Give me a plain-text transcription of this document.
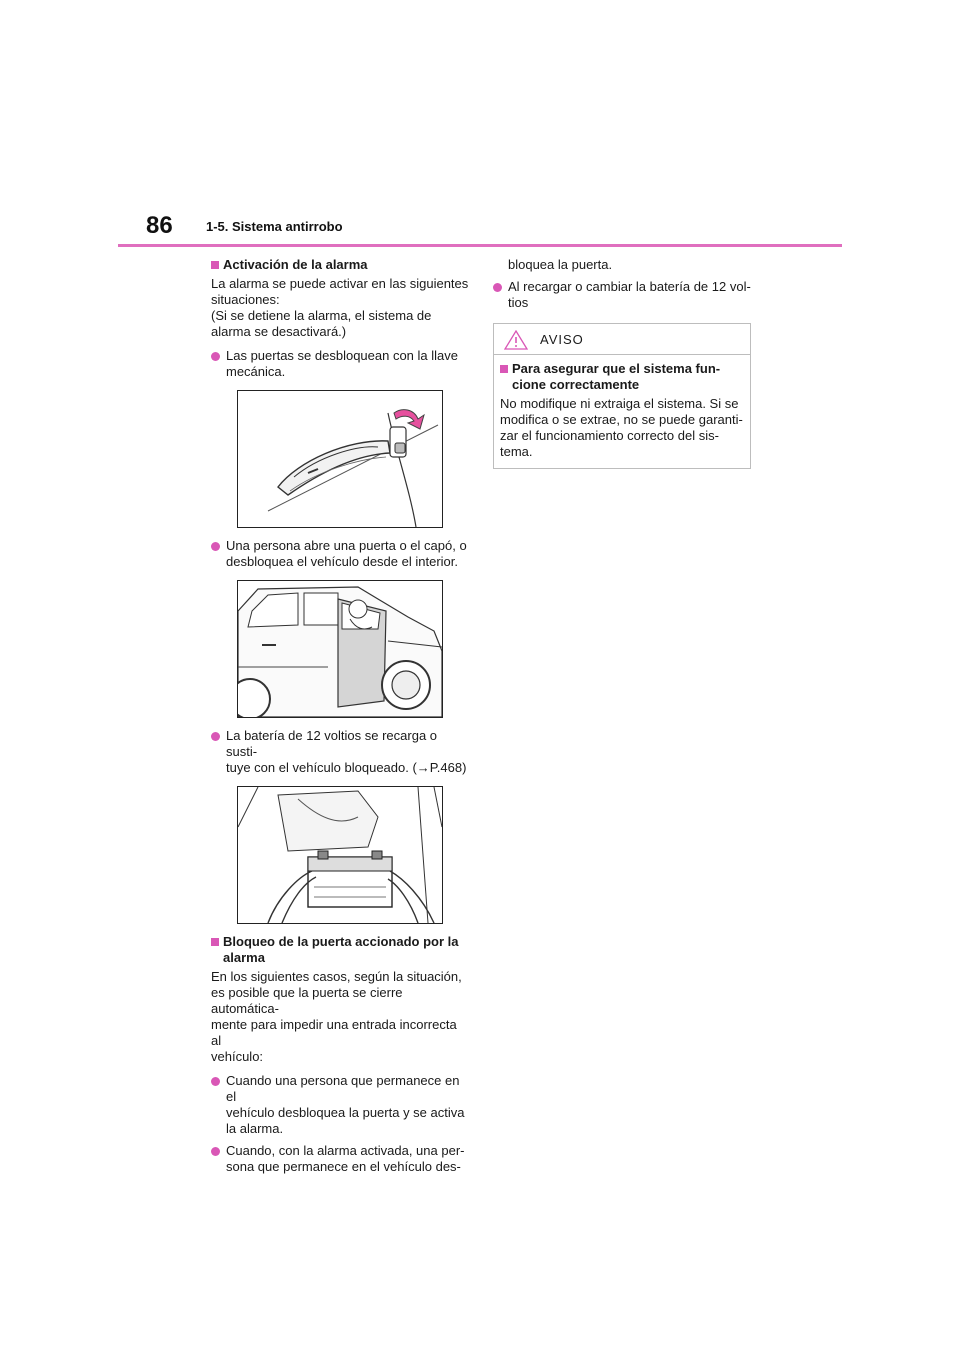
86	1-5. Sistema antirrobo
Activación de la alarma
La alarma se puede activar en las siguientes
situaciones:
(Si se detiene la alarma, el sistema de
alarma se desactivará.)
Las puertas se desbloquean con la llave
mecánica.
Una persona abre una puerta o el capó, o
desbloquea el vehículo desde el interior.
La batería de 12 voltios se recarga o susti-
tuye con el vehículo bloqueado. (→P.468)
Bloqueo de la puerta accionado por la
alarma
En los siguientes casos, según la situación,
es posible que la puerta se cierre automática-
mente para impedir una entrada incorrecta al
vehículo:
Cuando una persona que permanece en el
vehículo desbloquea la puerta y se activa
la alarma.
Cuando, con la alarma activada, una per-
sona que permanece en el vehículo des-
bloquea la puerta.
Al recargar o cambiar la batería de 12 vol-
tios
AVISO
Para asegurar que el sistema fun-
cione correctamente
No modifique ni extraiga el sistema. Si se
modifica o se extrae, no se puede garanti-
zar el funcionamiento correcto del sis-
tema.
